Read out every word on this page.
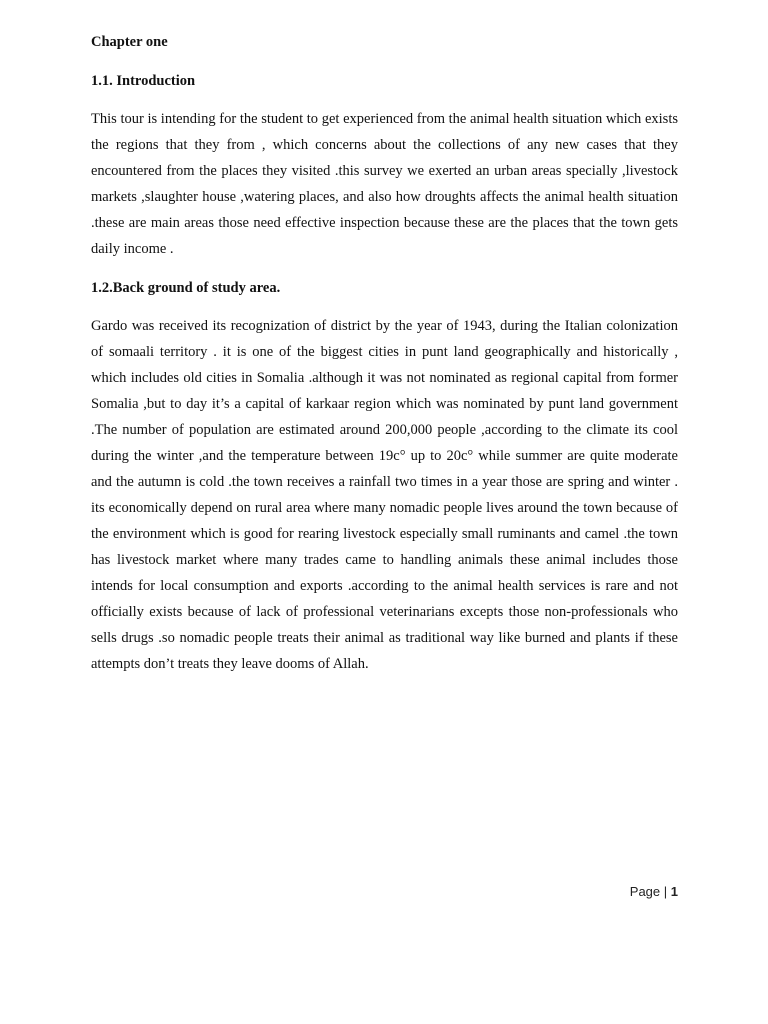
Chapter one
1.1. Introduction

This tour is intending for the student to get experienced from the animal health situation which exists the regions that they from , which concerns about the collections of any new cases that they encountered from the places they visited .this survey we exerted an urban areas specially ,livestock markets ,slaughter house ,watering places, and also how droughts affects the animal health situation .these are main areas those need effective inspection because these are the places that the town gets daily income .

1.2.Back ground of study area.

Gardo was received its recognization of district by the year of 1943, during the Italian colonization of somaali territory . it is one of the biggest cities in punt land geographically and historically , which includes old cities in Somalia .although it was not nominated as regional capital from former Somalia ,but to day it’s a capital of karkaar region which was nominated by punt land government .The number of population are estimated around 200,000 people ,according to the climate its cool during the winter ,and the temperature between 19c° up to 20c° while summer are quite moderate and the autumn is cold .the town receives a rainfall two times in a year those are spring and winter . its economically depend on rural area where many nomadic people lives around the town because of the environment which is good for rearing livestock especially small ruminants and camel .the town has livestock market where many trades came to handling animals these animal includes those intends for local consumption and exports .according to the animal health services is rare and not officially exists because of lack of professional veterinarians excepts those non-professionals who sells drugs .so nomadic people treats their animal as traditional way like burned and plants if these attempts don’t treats they leave dooms of Allah.

Page | 1
